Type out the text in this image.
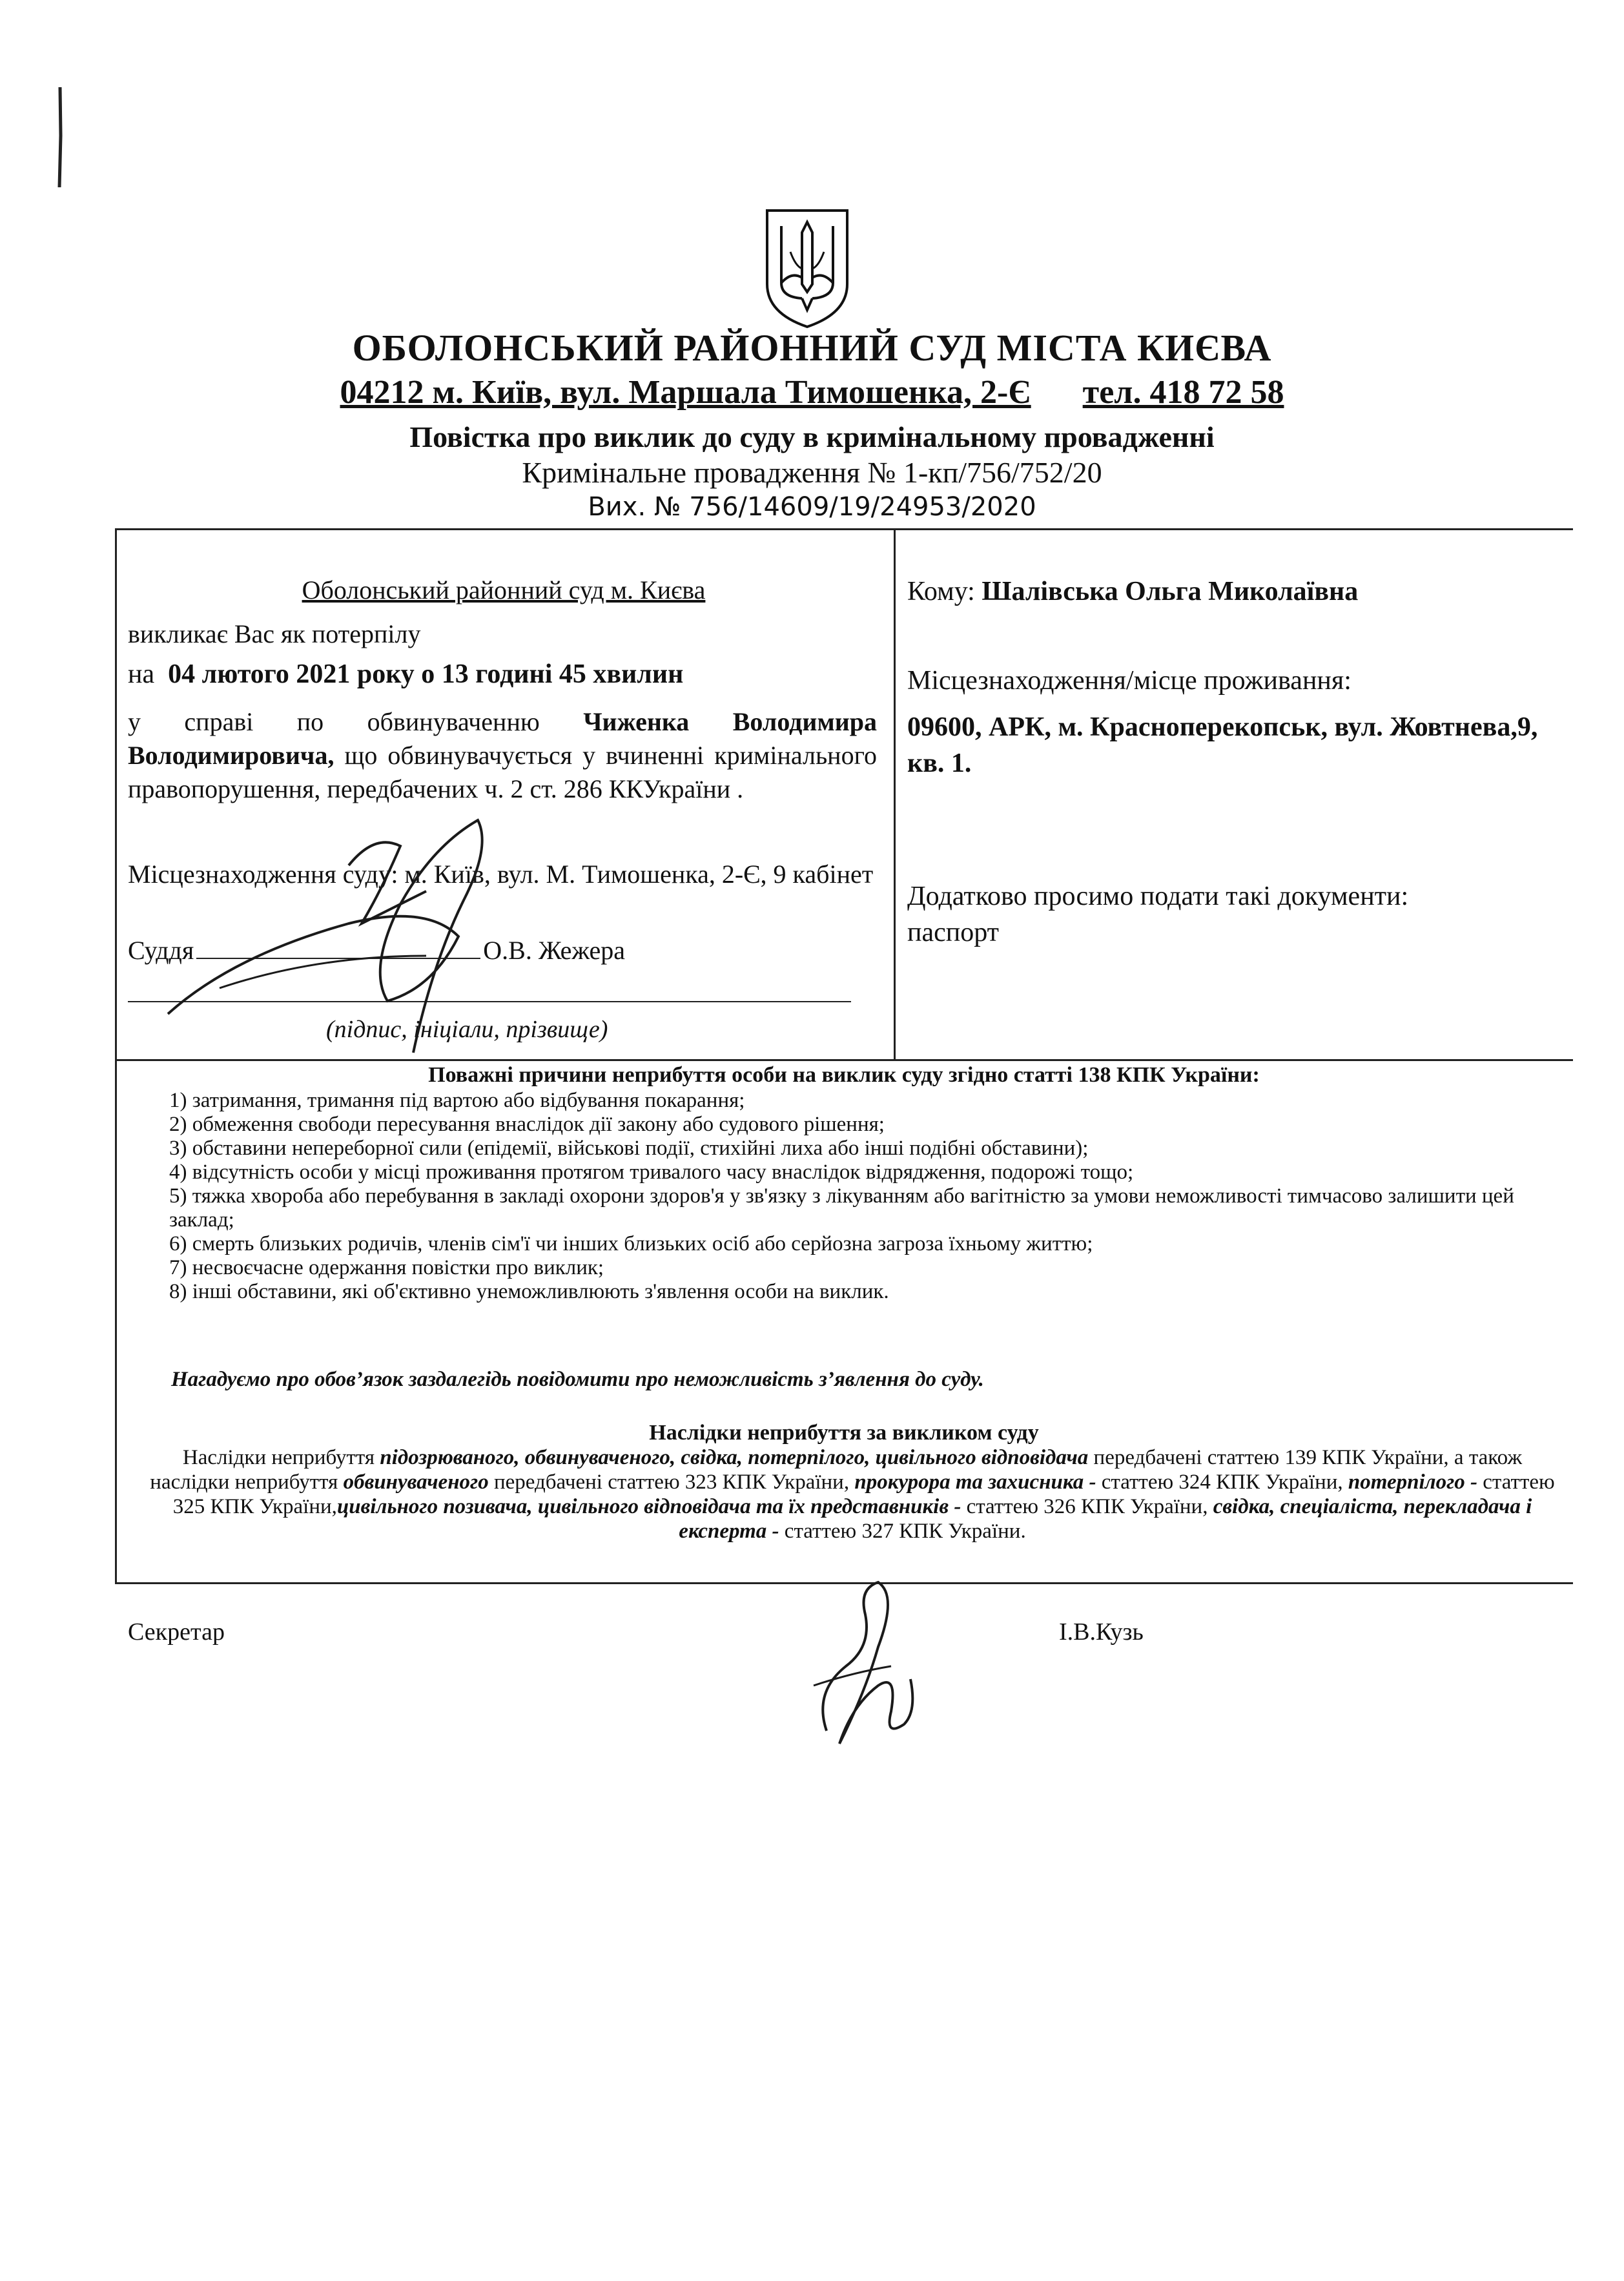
ОБОЛОНСЬКИЙ РАЙОННИЙ СУД МІСТА КИЄВА
04212 м. Київ, вул. Маршала Тимошенка, 2-Є тел. 418 72 58
Повістка про виклик до суду в кримінальному провадженні
Кримінальне провадження № 1-кп/756/752/20
Вих. № 756/14609/19/24953/2020
Оболонський районний суд м. Києва
викликає Вас як потерпілу
на 04 лютого 2021 року о 13 годині 45 хвилин
у справі по обвинуваченню Чиженка Володимира Володимировича, що обвинувачується у вчиненні кримінального правопорушення, передбачених ч. 2 ст. 286 ККУкраїни .
Місцезнаходження суду: м. Київ, вул. М. Тимошенка, 2-Є, 9 кабінет
Суддя	О.В. Жежера
(підпис, ініціали, прізвище)
Кому: Шалівська Ольга Миколаївна
Місцезнаходження/місце проживання:
09600, АРК, м. Красноперекопськ, вул. Жовтнева,9, кв. 1.
Додатково просимо подати такі документи:
паспорт
Поважні причини неприбуття особи на виклик суду згідно статті 138 КПК України:
1) затримання, тримання під вартою або відбування покарання;
2) обмеження свободи пересування внаслідок дії закону або судового рішення;
3) обставини непереборної сили (епідемії, військові події, стихійні лиха або інші подібні обставини);
4) відсутність особи у місці проживання протягом тривалого часу внаслідок відрядження, подорожі тощо;
5) тяжка хвороба або перебування в закладі охорони здоров'я у зв'язку з лікуванням або вагітністю за умови неможливості тимчасово залишити цей заклад;
6) смерть близьких родичів, членів сім'ї чи інших близьких осіб або серйозна загроза їхньому життю;
7) несвоєчасне одержання повістки про виклик;
8) інші обставини, які об'єктивно унеможливлюють з'явлення особи на виклик.
Нагадуємо про обов’язок заздалегідь повідомити про неможливість з’явлення до суду.
Наслідки неприбуття за викликом суду
Наслідки неприбуття підозрюваного, обвинуваченого, свідка, потерпілого, цивільного відповідача передбачені статтею 139 КПК України, а також наслідки неприбуття обвинуваченого передбачені статтею 323 КПК України, прокурора та захисника - статтею 324 КПК України, потерпілого - статтею 325 КПК України,цивільного позивача, цивільного відповідача та їх представників - статтею 326 КПК України, свідка, спеціаліста, перекладача і експерта - статтею 327 КПК України.
Секретар	І.В.Кузь
